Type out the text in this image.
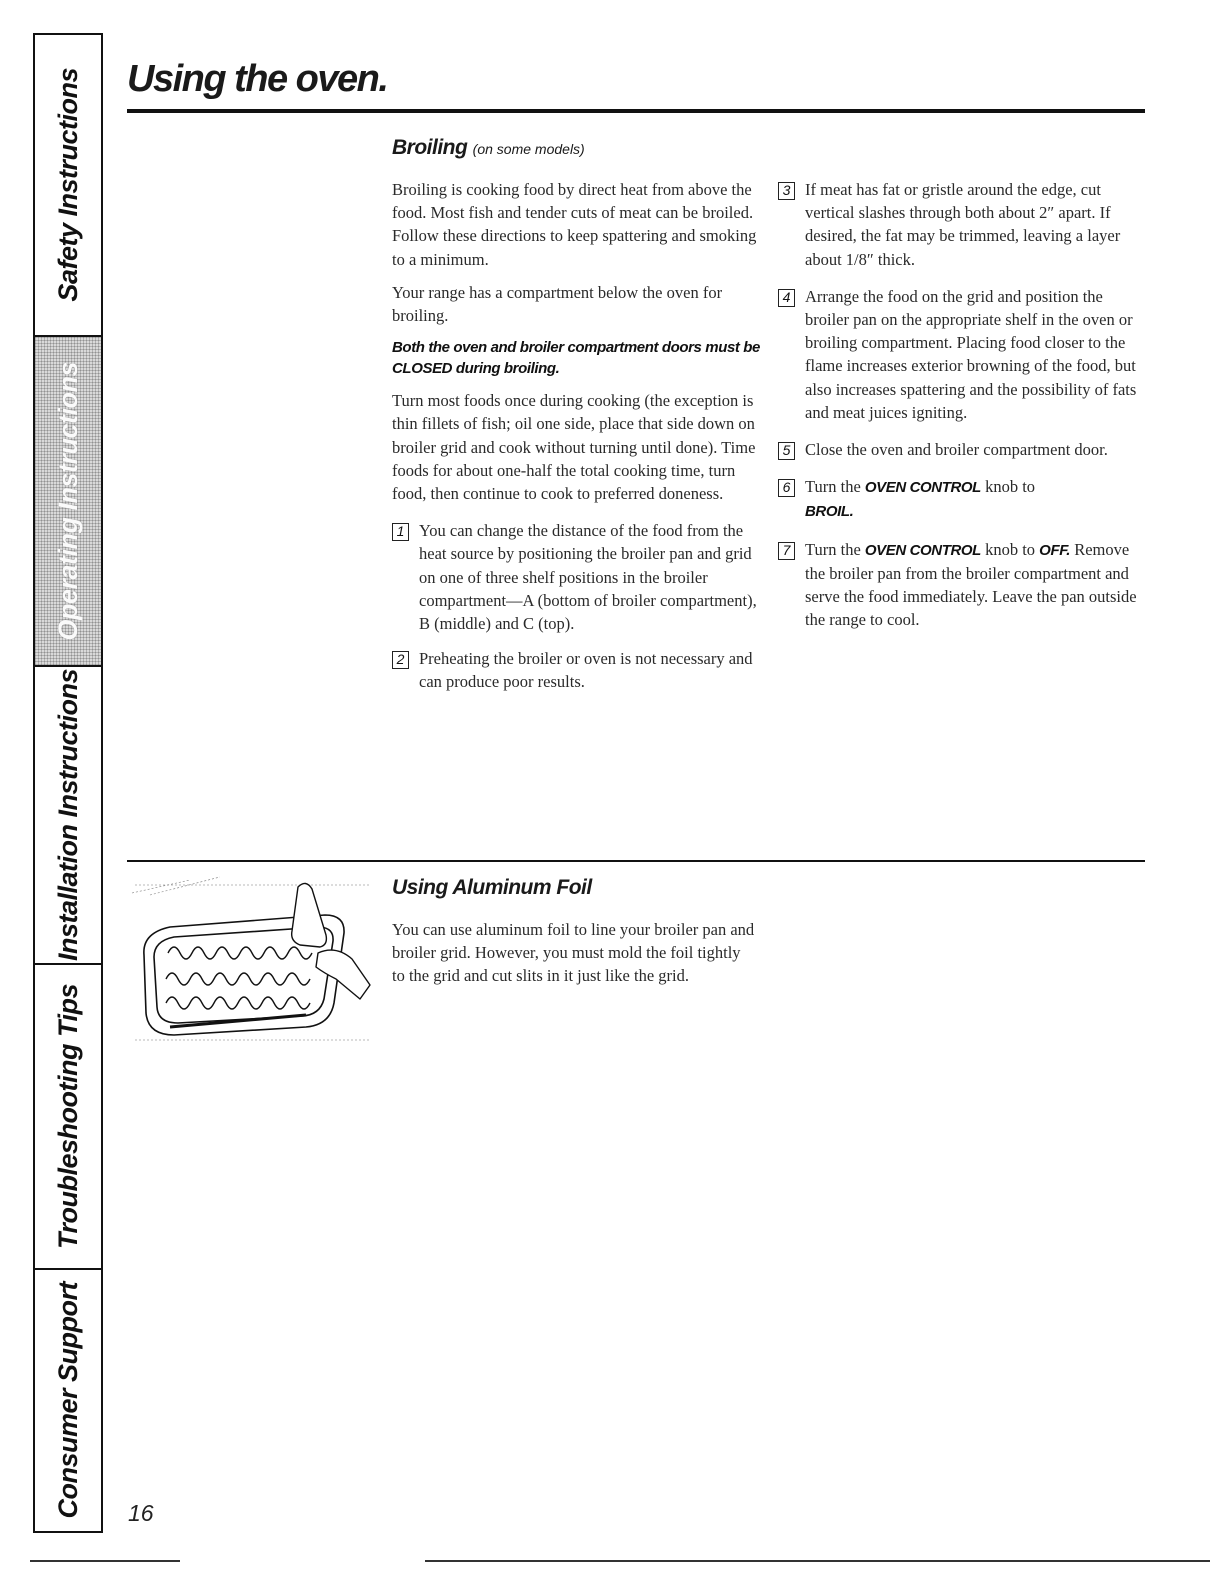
Safety Instructions
Operating Instructions
Installation Instructions
Troubleshooting Tips
Consumer Support
Using the oven.
Broiling (on some models)

Broiling is cooking food by direct heat from above the food. Most fish and tender cuts of meat can be broiled. Follow these directions to keep spattering and smoking to a minimum.

Your range has a compartment below the oven for broiling.

Both the oven and broiler compartment doors must be CLOSED during broiling.

Turn most foods once during cooking (the exception is thin fillets of fish; oil one side, place that side down on broiler grid and cook without turning until done). Time foods for about one-half the total cooking time, turn food, then continue to cook to preferred doneness.

1 You can change the distance of the food from the heat source by positioning the broiler pan and grid on one of three shelf positions in the broiler compartment—A (bottom of broiler compartment), B (middle) and C (top).
2 Preheating the broiler or oven is not necessary and can produce poor results.
3 If meat has fat or gristle around the edge, cut vertical slashes through both about 2″ apart. If desired, the fat may be trimmed, leaving a layer about 1/8″ thick.
4 Arrange the food on the grid and position the broiler pan on the appropriate shelf in the oven or broiling compartment. Placing food closer to the flame increases exterior browning of the food, but also increases spattering and the possibility of fats and meat juices igniting.
5 Close the oven and broiler compartment door.
6 Turn the OVEN CONTROL knob to
BROIL.
7 Turn the OVEN CONTROL knob to OFF. Remove the broiler pan from the broiler compartment and serve the food immediately. Leave the pan outside the range to cool.
Using Aluminum Foil

You can use aluminum foil to line your broiler pan and broiler grid. However, you must mold the foil tightly to the grid and cut slits in it just like the grid.

16
